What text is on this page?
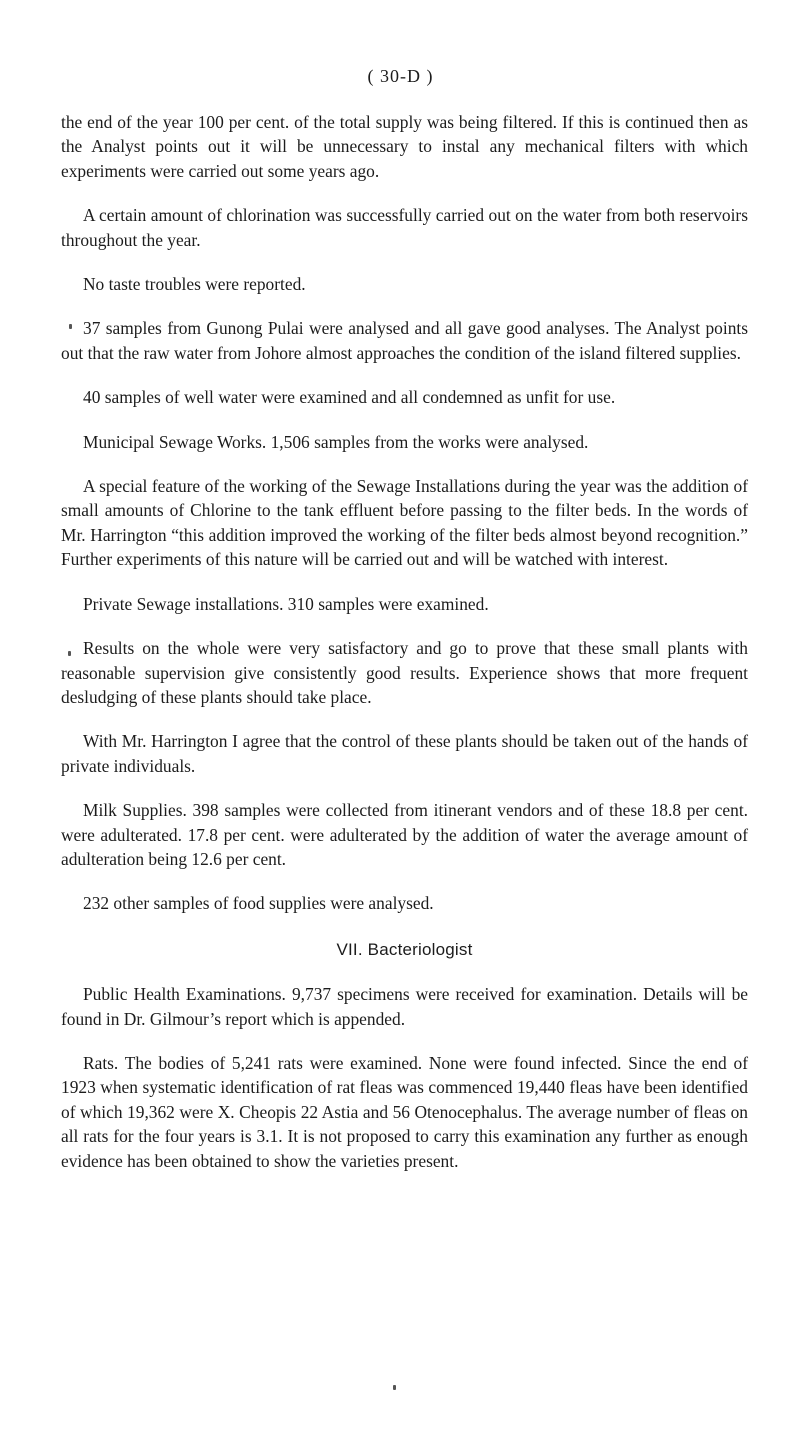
( 30-D )

the end of the year 100 per cent. of the total supply was being filtered. If this is continued then as the Analyst points out it will be unnecessary to instal any mechanical filters with which experiments were carried out some years ago.

A certain amount of chlorination was successfully carried out on the water from both reservoirs throughout the year.

No taste troubles were reported.

37 samples from Gunong Pulai were analysed and all gave good analyses. The Analyst points out that the raw water from Johore almost approaches the condition of the island filtered supplies.

40 samples of well water were examined and all condemned as unfit for use.

Municipal Sewage Works. 1,506 samples from the works were analysed.

A special feature of the working of the Sewage Installations during the year was the addition of small amounts of Chlorine to the tank effluent before passing to the filter beds. In the words of Mr. Harrington “this addition improved the working of the filter beds almost beyond recognition.” Further experiments of this nature will be carried out and will be watched with interest.

Private Sewage installations. 310 samples were examined.

Results on the whole were very satisfactory and go to prove that these small plants with reasonable supervision give consistently good results. Experience shows that more frequent desludging of these plants should take place.

With Mr. Harrington I agree that the control of these plants should be taken out of the hands of private individuals.

Milk Supplies. 398 samples were collected from itinerant vendors and of these 18.8 per cent. were adulterated. 17.8 per cent. were adulterated by the addition of water the average amount of adulteration being 12.6 per cent.

232 other samples of food supplies were analysed.

VII. Bacteriologist

Public Health Examinations. 9,737 specimens were received for examination. Details will be found in Dr. Gilmour’s report which is appended.

Rats. The bodies of 5,241 rats were examined. None were found infected. Since the end of 1923 when systematic identification of rat fleas was commenced 19,440 fleas have been identified of which 19,362 were X. Cheopis 22 Astia and 56 Otenocephalus. The average number of fleas on all rats for the four years is 3.1. It is not proposed to carry this examination any further as enough evidence has been obtained to show the varieties present.
